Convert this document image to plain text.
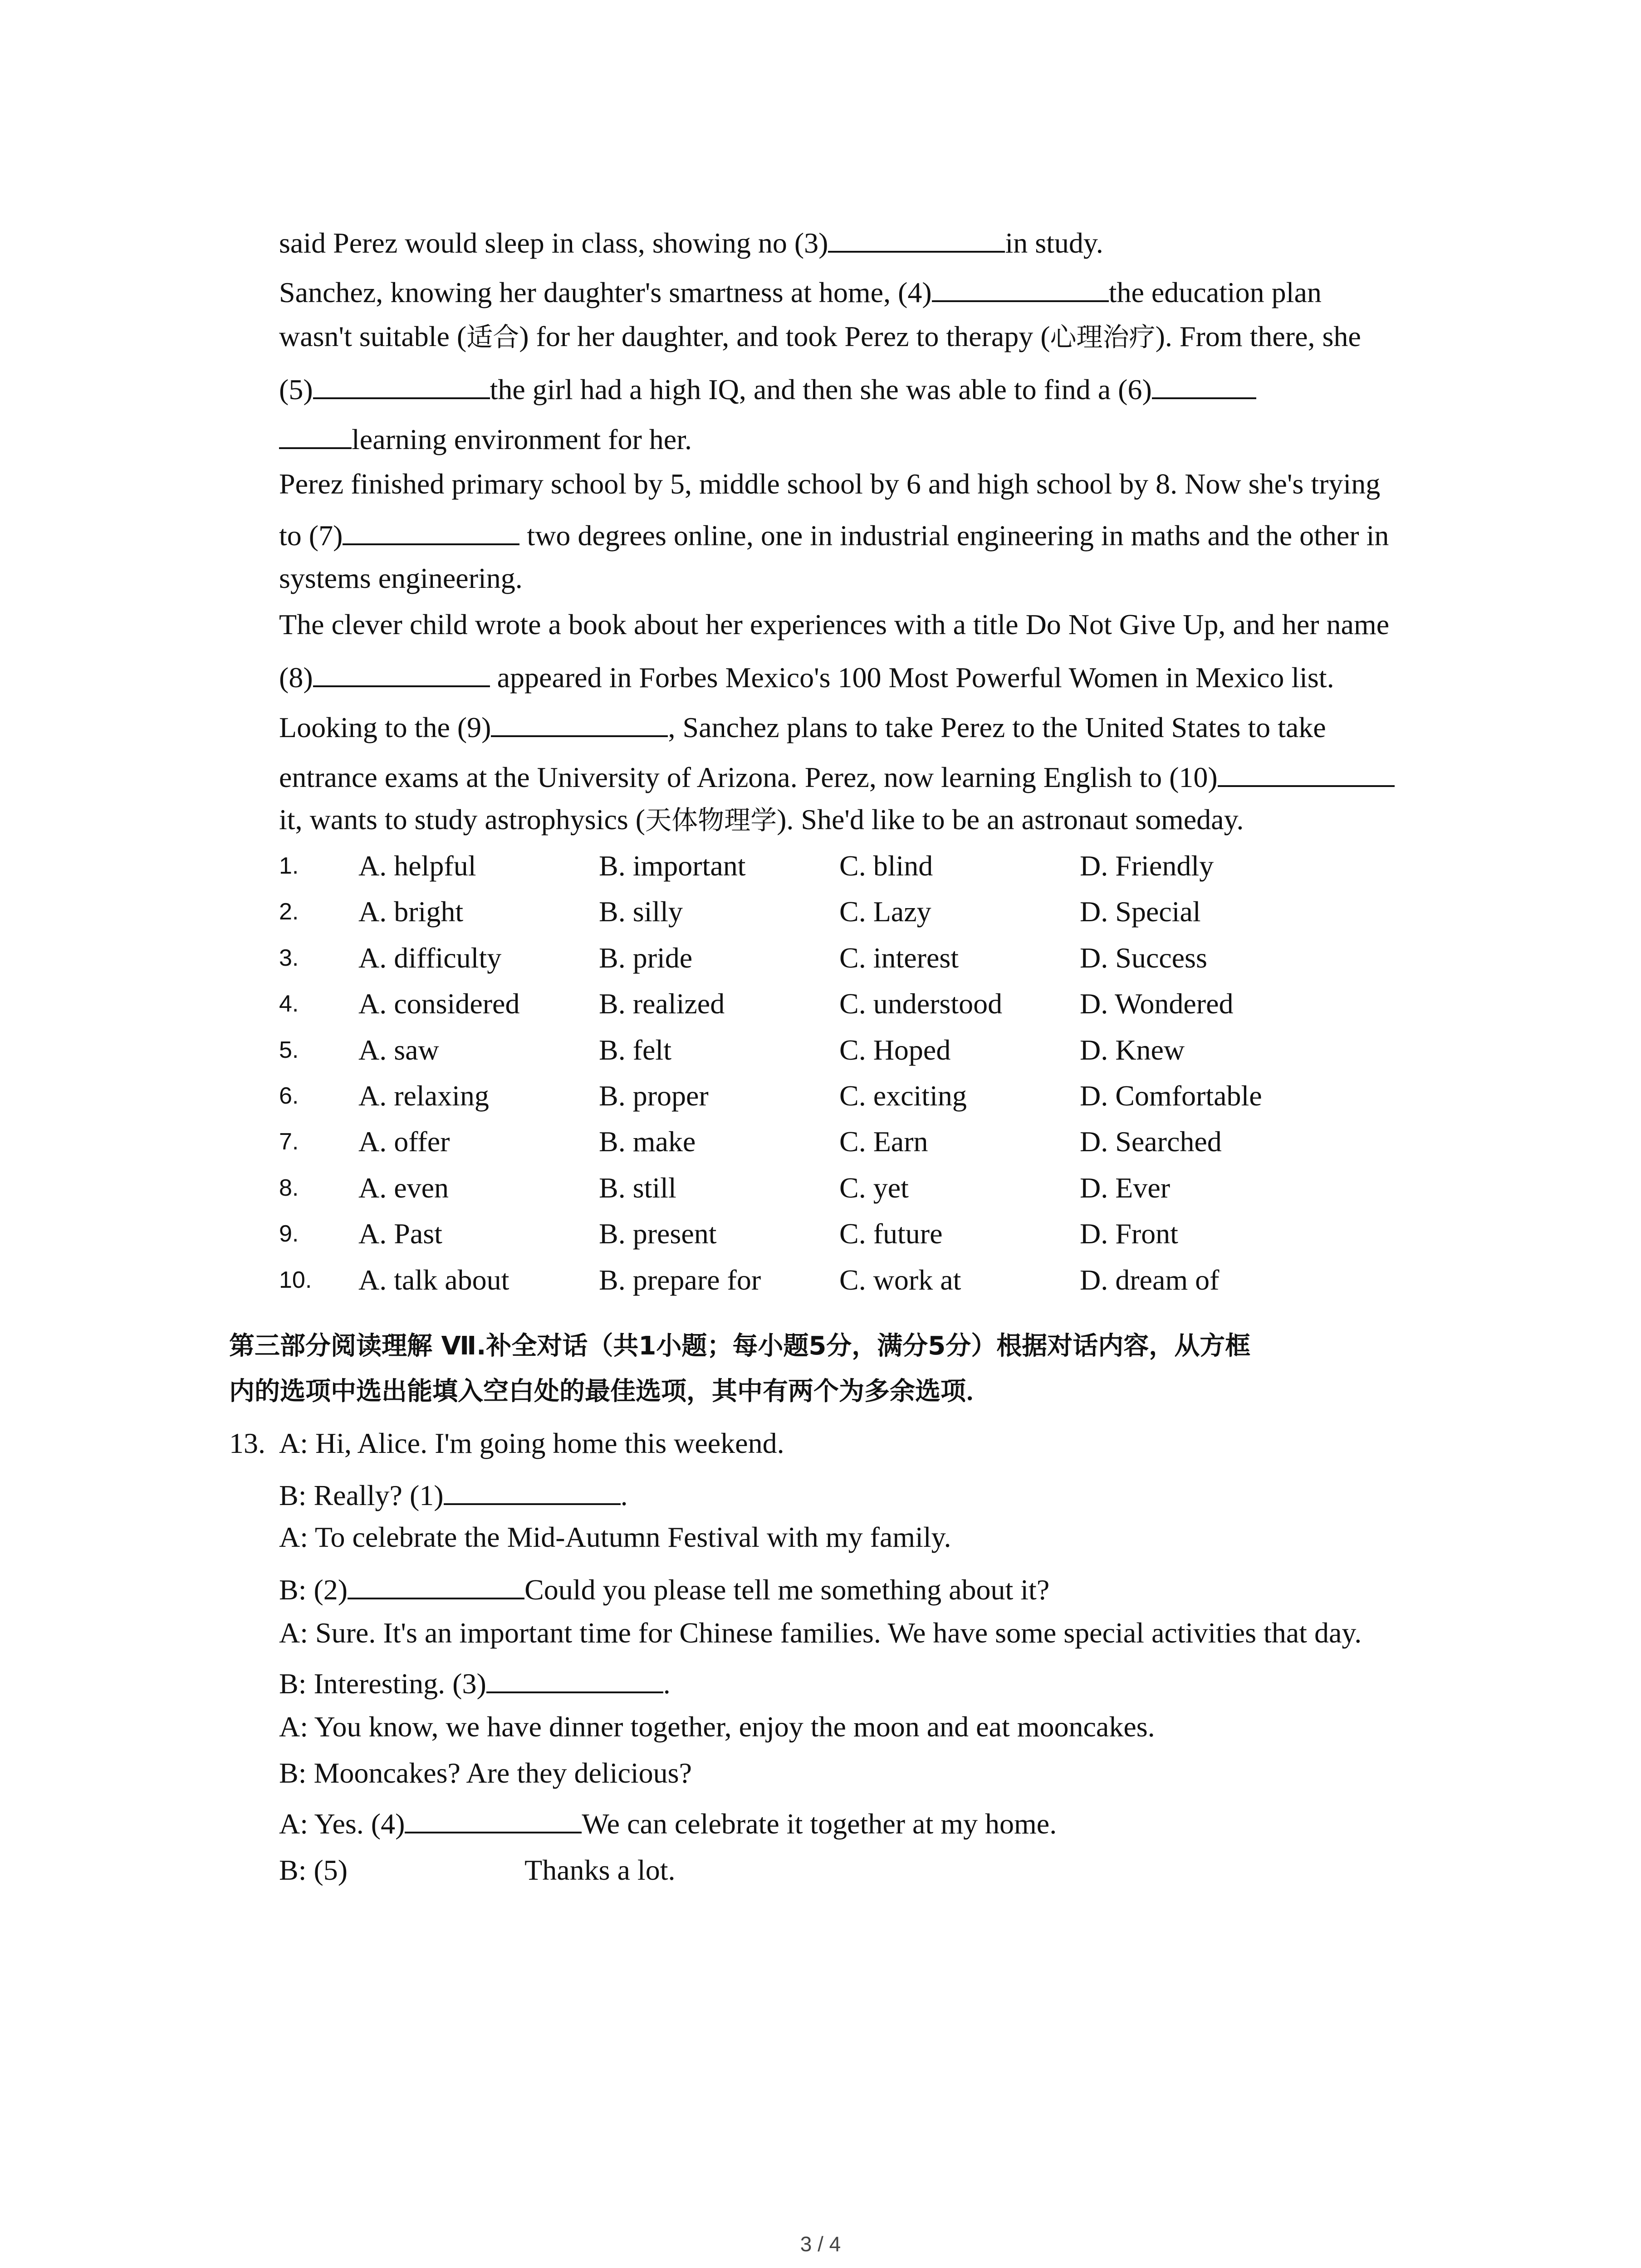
said Perez would sleep in class, showing no (3)	in study.
Sanchez, knowing her daughter's smartness at home, (4)	the education plan
wasn't suitable (适合) for her daughter, and took Perez to therapy (心理治疗). From there, she
(5)	the girl had a high IQ, and then she was able to find a (6)
learning environment for her.
Perez finished primary school by 5, middle school by 6 and high school by 8. Now she's trying
to (7)	two degrees online, one in industrial engineering in maths and the other in
systems engineering.
The clever child wrote a book about her experiences with a title Do Not Give Up, and her name
(8)	appeared in Forbes Mexico's 100 Most Powerful Women in Mexico list.
Looking to the (9)	, Sanchez plans to take Perez to the United States to take
entrance exams at the University of Arizona. Perez, now learning English to (10)
it, wants to study astrophysics (天体物理学). She'd like to be an astronaut someday.
1. A. helpful	B. important	C. blind	D. Friendly
2. A. bright	B. silly	C. Lazy	D. Special
3. A. difficulty	B. pride	C. interest	D. Success
4. A. considered	B. realized	C. understood	D. Wondered
5. A. saw	B. felt	C. Hoped	D. Knew
6. A. relaxing	B. proper	C. exciting	D. Comfortable
7. A. offer	B. make	C. Earn	D. Searched
8. A. even	B. still	C. yet	D. Ever
9. A. Past	B. present	C. future	D. Front
10. A. talk about	B. prepare for	C. work at	D. dream of
第三部分阅读理解 Ⅶ.补全对话（共1小题；每小题5分，满分5分）根据对话内容，从方框
内的选项中选出能填入空白处的最佳选项，其中有两个为多余选项．
13. A: Hi, Alice. I'm going home this weekend.
B: Really? (1)	.
A: To celebrate the Mid-Autumn Festival with my family.
B: (2)	Could you please tell me something about it?
A: Sure. It's an important time for Chinese families. We have some special activities that day.
B: Interesting. (3)	.
A: You know, we have dinner together, enjoy the moon and eat mooncakes.
B: Mooncakes? Are they delicious?
A: Yes. (4)	We can celebrate it together at my home.
B: (5)	Thanks a lot.
3 / 4
